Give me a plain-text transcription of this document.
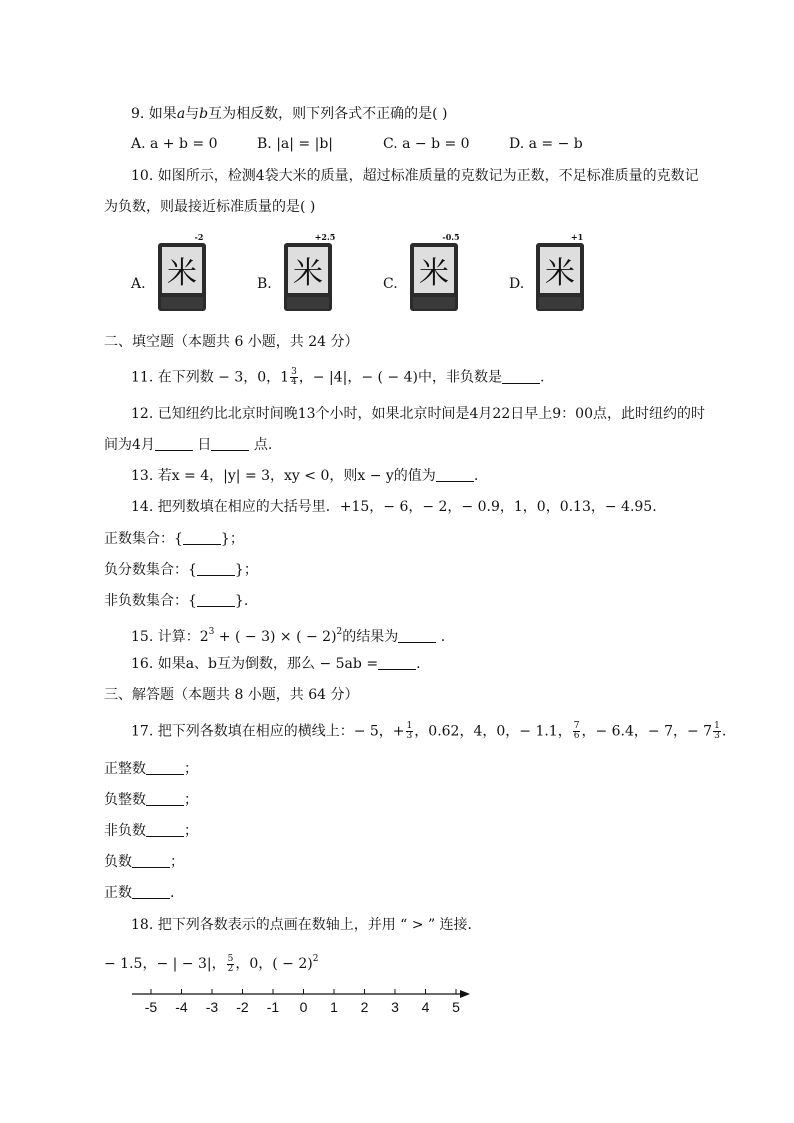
9. 如果a与b互为相反数，则下列各式不正确的是( )
A. a + b = 0	B. |a| = |b|	C. a − b = 0	D. a = − b
10. 如图所示，检测4袋大米的质量，超过标准质量的克数记为正数，不足标准质量的克数记
为负数，则最接近标准质量的是( )
A.
-2
米	B.
+2.5
米	C.
-0.5
米	D.
+1
米
二、填空题（本题共 6 小题，共 24 分）
11. 在下列数 − 3，0，$1 \frac{3}{4}$ ，− |4|，− ( − 4)中，非负数是	.
12. 已知纽约比北京时间晚13个小时，如果北京时间是4月22日早上9：00点，此时纽约的时
间为4月	日	点.
13. 若x = 4，|y| = 3，xy < 0，则x − y的值为	.
14. 把列数填在相应的大括号里．+15，− 6，− 2，− 0.9，1，0，0.13，− 4.95.
正数集合：{	}；
负分数集合：{	}；
非负数集合：{	}.
15. 计算：$2^3$ + ( − 3) × ( − 2)$^2$的结果为	.
16. 如果a、b互为倒数，那么 − 5ab =	.
三、解答题（本题共 8 小题，共 64 分）
17. 把下列各数填在相应的横线上：− 5，+ $\frac{1}{3}$ ，0.62，4，0，− 1.1， $\frac{7}{6}$ ，− 6.4，− 7，− $7 \frac{1}{3}$ .
正整数	；
负整数	；
非负数	；
负数	；
正数	.
18. 把下列各数表示的点画在数轴上，并用 “ > ” 连接．
− 1.5，− | − 3|， $\frac{5}{2}$ ，0，( − 2)$^2$
-5 -4 -3 -2 -1 0 1 2 3 4 5
